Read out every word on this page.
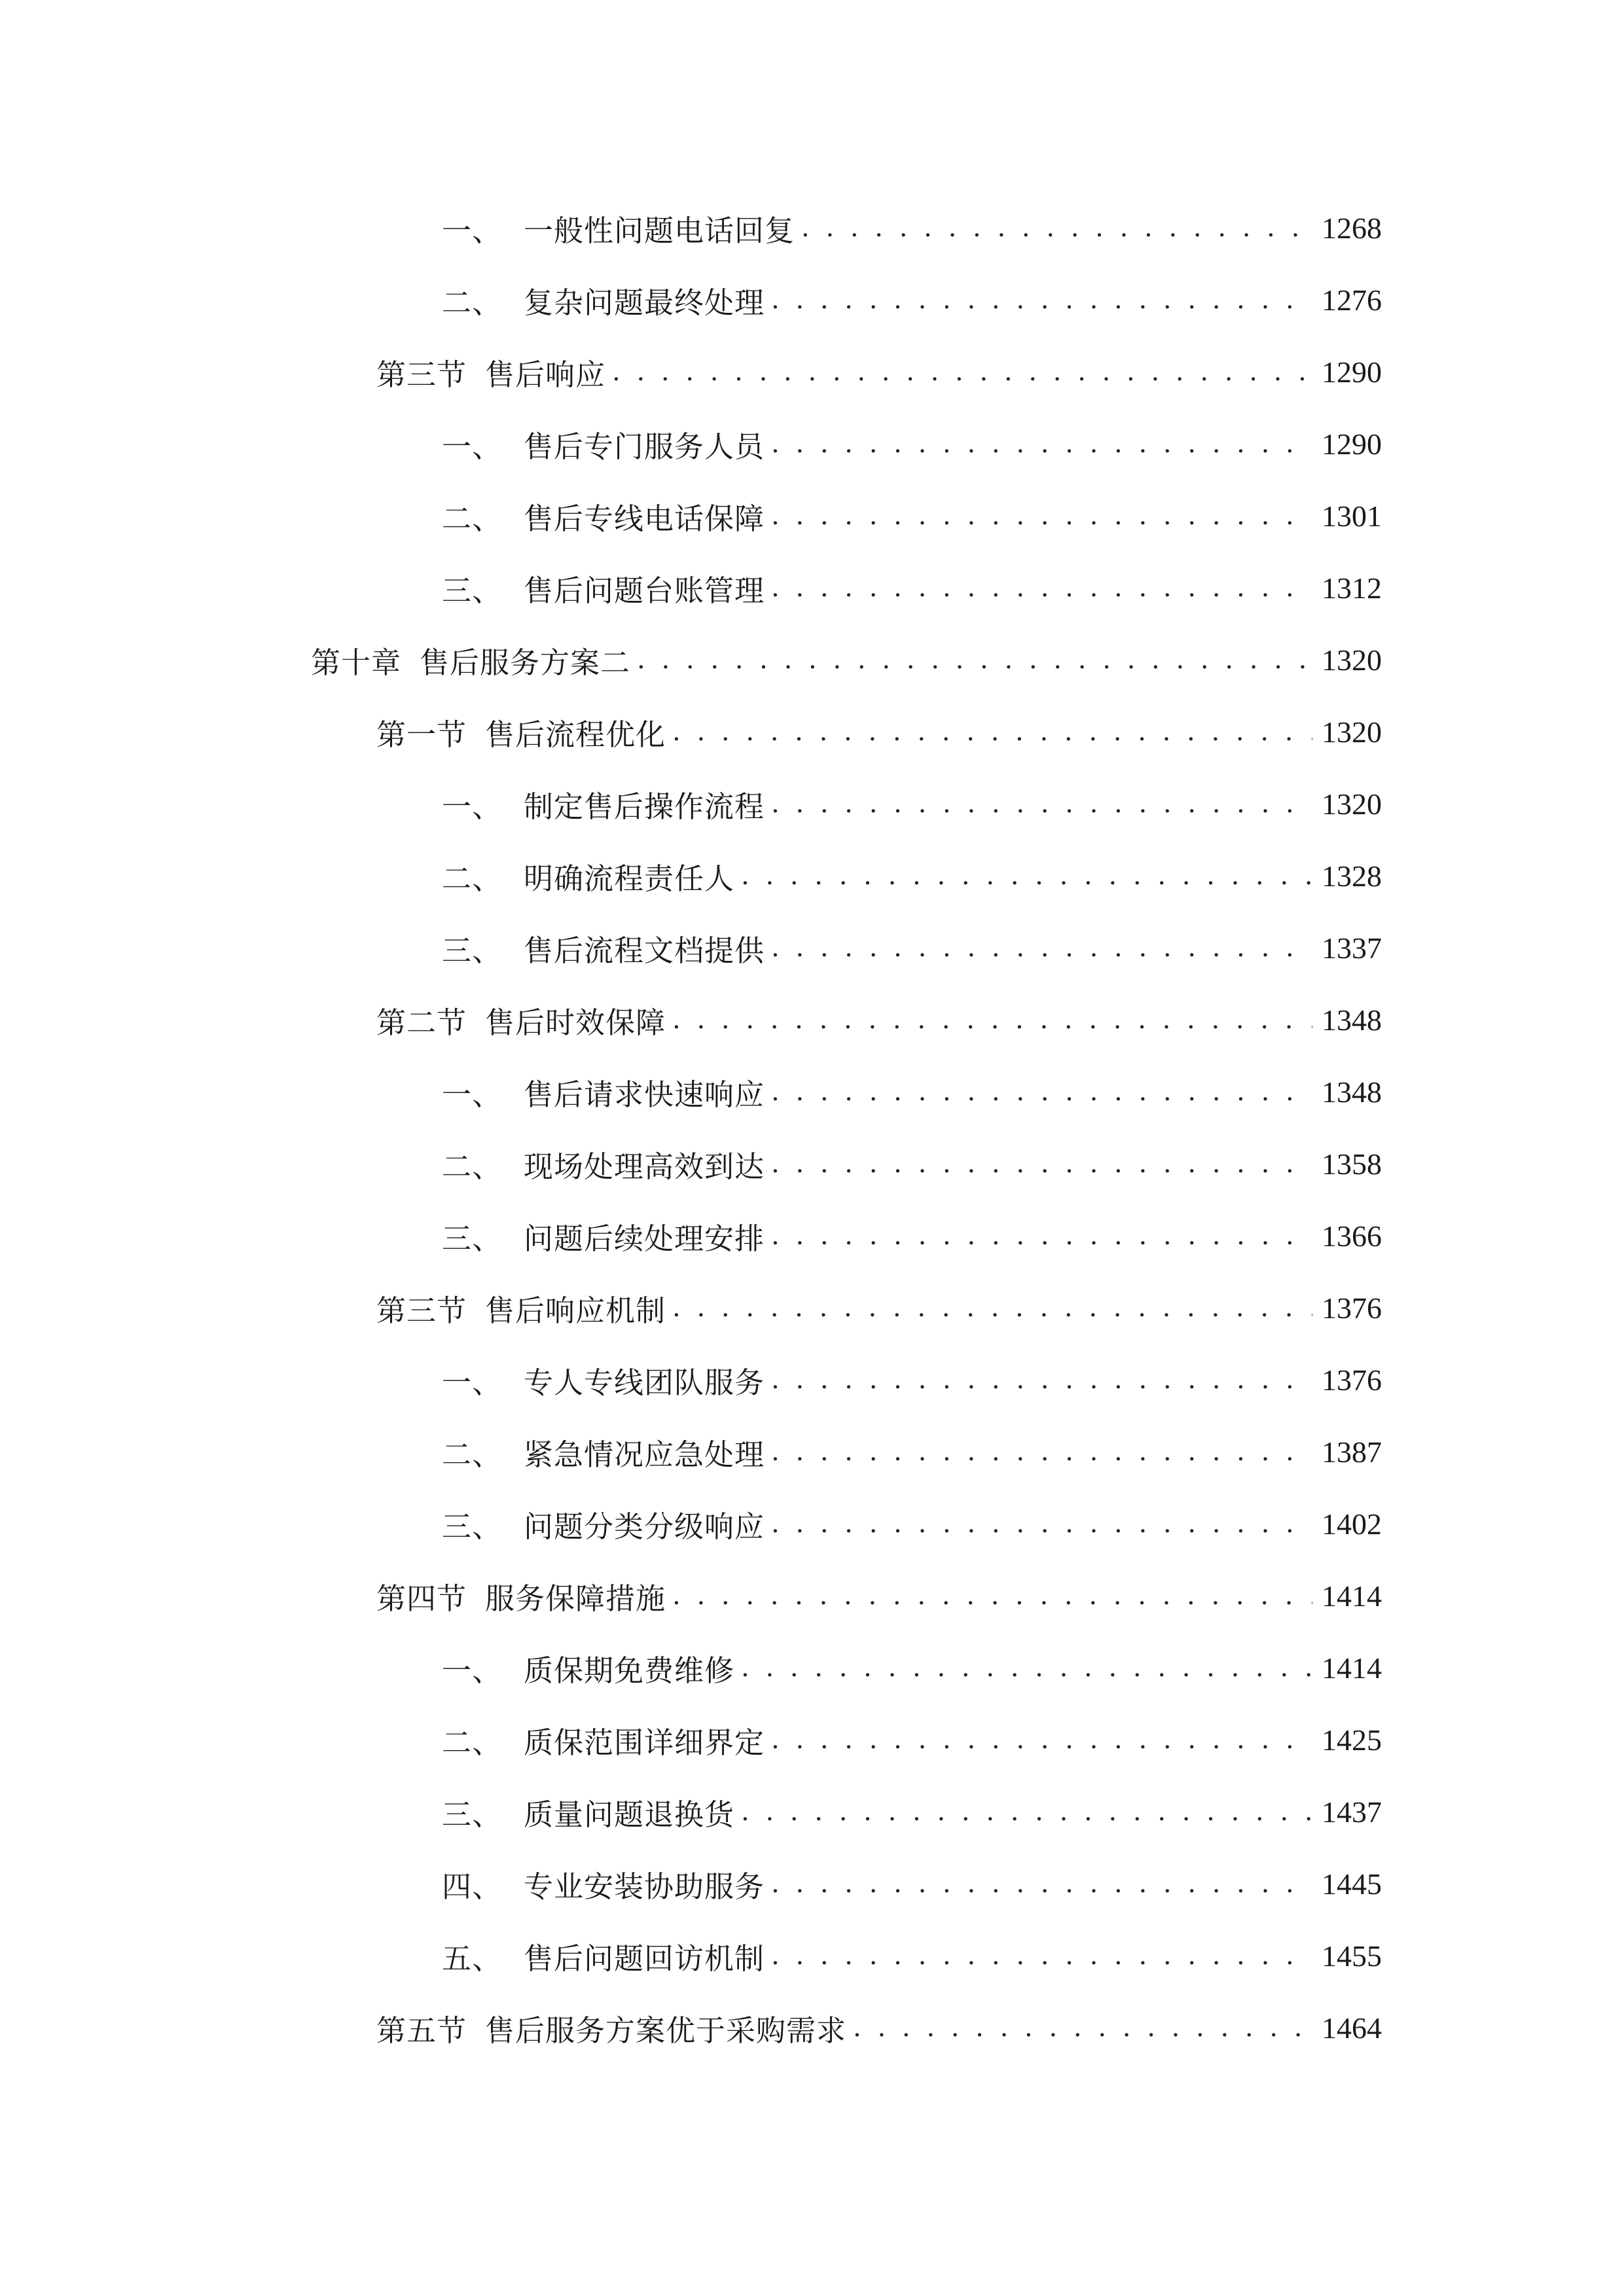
一、 一般性问题电话回复 . . .	1268
二、 复杂问题最终处理 . . .	1276
第三节 售后响应 . . .	1290
一、 售后专门服务人员 . . .	1290
二、 售后专线电话保障 . . .	1301
三、 售后问题台账管理 . . .	1312
第十章 售后服务方案二 . . .	1320
第一节 售后流程优化 . . .	1320
一、 制定售后操作流程 . . .	1320
二、 明确流程责任人 . . .	1328
三、 售后流程文档提供 . . .	1337
第二节 售后时效保障 . . .	1348
一、 售后请求快速响应 . . .	1348
二、 现场处理高效到达 . . .	1358
三、 问题后续处理安排 . . .	1366
第三节 售后响应机制 . . .	1376
一、 专人专线团队服务 . . .	1376
二、 紧急情况应急处理 . . .	1387
三、 问题分类分级响应 . . .	1402
第四节 服务保障措施 . . .	1414
一、 质保期免费维修 . . .	1414
二、 质保范围详细界定 . . .	1425
三、 质量问题退换货 . . .	1437
四、 专业安装协助服务 . . .	1445
五、 售后问题回访机制 . . .	1455
第五节 售后服务方案优于采购需求 . . .	1464
